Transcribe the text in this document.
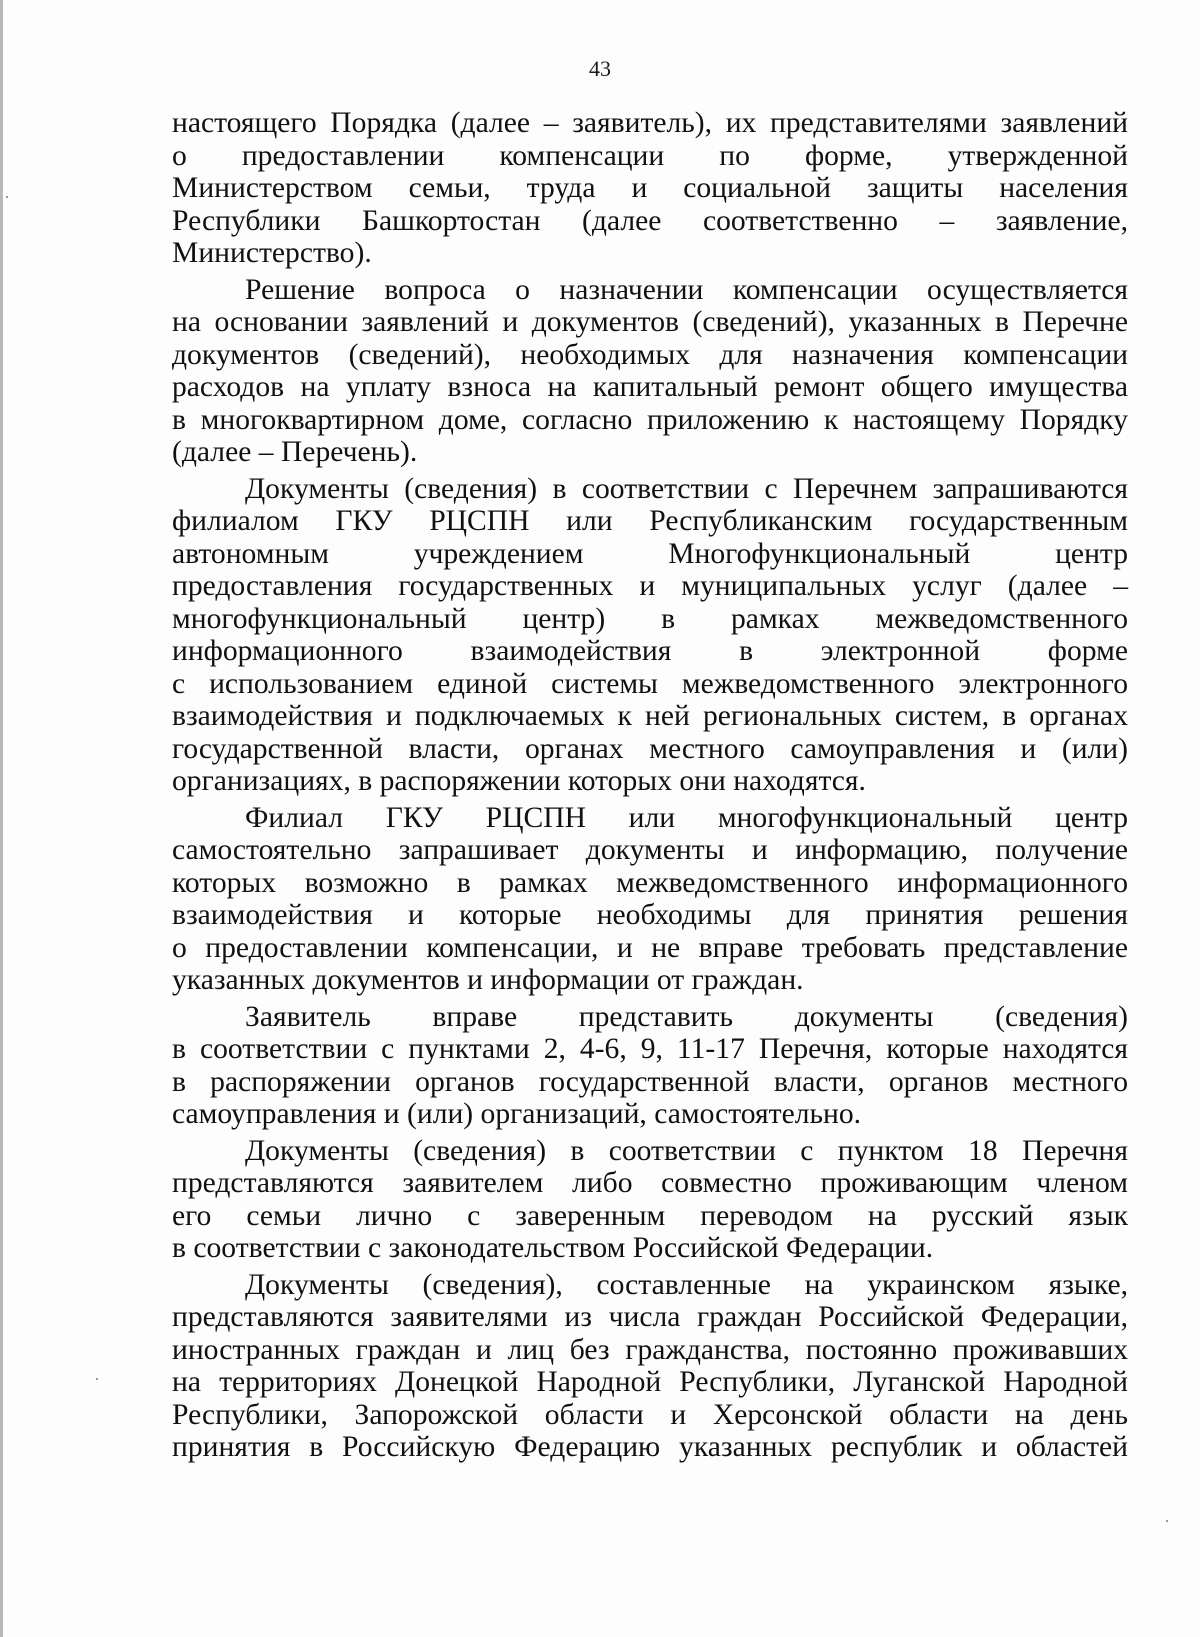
43
настоящего Порядка (далее – заявитель), их представителями заявлений
о предоставлении компенсации по форме, утвержденной
Министерством семьи, труда и социальной защиты населения
Республики Башкортостан (далее соответственно – заявление,
Министерство).
Решение вопроса о назначении компенсации осуществляется
на основании заявлений и документов (сведений), указанных в Перечне
документов (сведений), необходимых для назначения компенсации
расходов на уплату взноса на капитальный ремонт общего имущества
в многоквартирном доме, согласно приложению к настоящему Порядку
(далее – Перечень).
Документы (сведения) в соответствии с Перечнем запрашиваются
филиалом ГКУ РЦСПН или Республиканским государственным
автономным учреждением Многофункциональный центр
предоставления государственных и муниципальных услуг (далее –
многофункциональный центр) в рамках межведомственного
информационного взаимодействия в электронной форме
с использованием единой системы межведомственного электронного
взаимодействия и подключаемых к ней региональных систем, в органах
государственной власти, органах местного самоуправления и (или)
организациях, в распоряжении которых они находятся.
Филиал ГКУ РЦСПН или многофункциональный центр
самостоятельно запрашивает документы и информацию, получение
которых возможно в рамках межведомственного информационного
взаимодействия и которые необходимы для принятия решения
о предоставлении компенсации, и не вправе требовать представление
указанных документов и информации от граждан.
Заявитель вправе представить документы (сведения)
в соответствии с пунктами 2, 4-6, 9, 11-17 Перечня, которые находятся
в распоряжении органов государственной власти, органов местного
самоуправления и (или) организаций, самостоятельно.
Документы (сведения) в соответствии с пунктом 18 Перечня
представляются заявителем либо совместно проживающим членом
его семьи лично с заверенным переводом на русский язык
в соответствии с законодательством Российской Федерации.
Документы (сведения), составленные на украинском языке,
представляются заявителями из числа граждан Российской Федерации,
иностранных граждан и лиц без гражданства, постоянно проживавших
на территориях Донецкой Народной Республики, Луганской Народной
Республики, Запорожской области и Херсонской области на день
принятия в Российскую Федерацию указанных республик и областей
